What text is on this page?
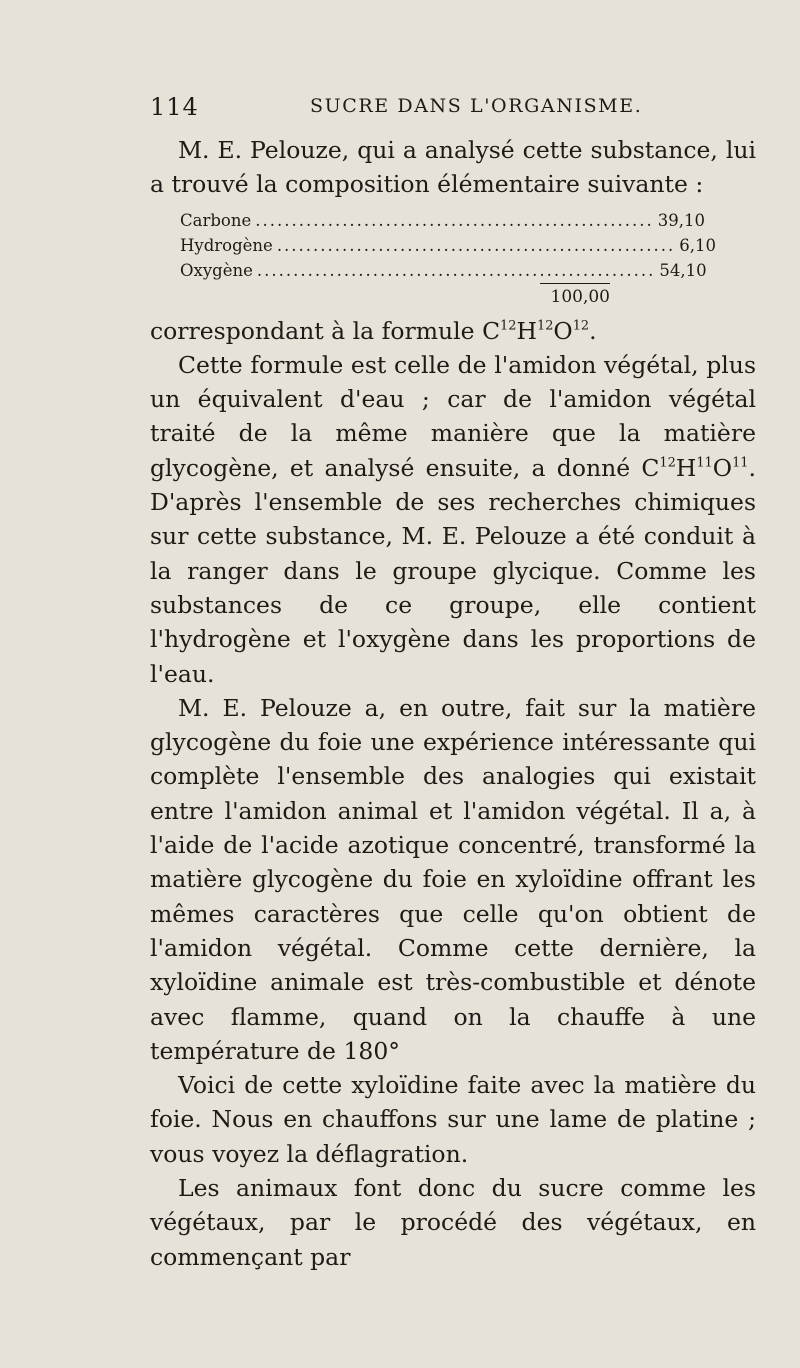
114	SUCRE DANS L'ORGANISME.

M. E. Pelouze, qui a analysé cette substance, lui a trouvé la composition élémentaire suivante :

Carbone ....................................................... 39,10
Hydrogène ....................................................... 6,10
Oxygène ....................................................... 54,10
100,00

correspondant à la formule $C^{12}H^{12}O^{12}$.

Cette formule est celle de l'amidon végétal, plus un équivalent d'eau ; car de l'amidon végétal traité de la même manière que la matière glycogène, et analysé ensuite, a donné $C^{12}H^{11}O^{11}$. D'après l'ensemble de ses recherches chimiques sur cette substance, M. E. Pelouze a été conduit à la ranger dans le groupe glycique. Comme les substances de ce groupe, elle contient l'hydrogène et l'oxygène dans les proportions de l'eau.

M. E. Pelouze a, en outre, fait sur la matière glycogène du foie une expérience intéressante qui complète l'ensemble des analogies qui existait entre l'amidon animal et l'amidon végétal. Il a, à l'aide de l'acide azotique concentré, transformé la matière glycogène du foie en xyloïdine offrant les mêmes caractères que celle qu'on obtient de l'amidon végétal. Comme cette dernière, la xyloïdine animale est très-combustible et dénote avec flamme, quand on la chauffe à une température de 180°

Voici de cette xyloïdine faite avec la matière du foie. Nous en chauffons sur une lame de platine ; vous voyez la déflagration.

Les animaux font donc du sucre comme les végétaux, par le procédé des végétaux, en commençant par
